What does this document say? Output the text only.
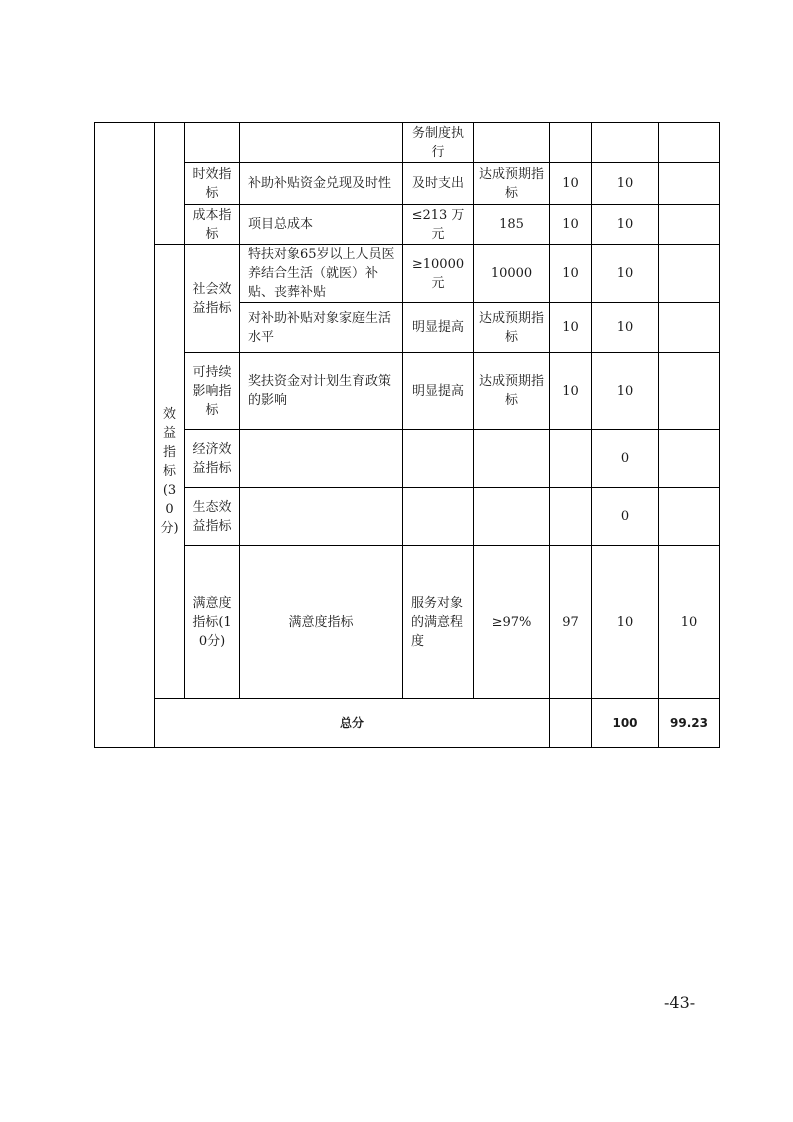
				务制度执行					
		时效指标	补助补贴资金兑现及时性	及时支出	达成预期指标	10	10		
		成本指标	项目总成本	≤213 万元	185	10	10		
	效益指标(30分)	社会效益指标	特扶对象65岁以上人员医养结合生活（就医）补贴、丧葬补贴	≥10000元	10000	10	10		
			对补助补贴对象家庭生活水平	明显提高	达成预期指标	10	10		
		可持续影响指标	奖扶资金对计划生育政策的影响	明显提高	达成预期指标	10	10		
		经济效益指标					0		
		生态效益指标					0		
		满意度指标(10分)	满意度指标	服务对象的满意程度	≥97%	97	10	10	
	总分						100	99.23	
-43-
